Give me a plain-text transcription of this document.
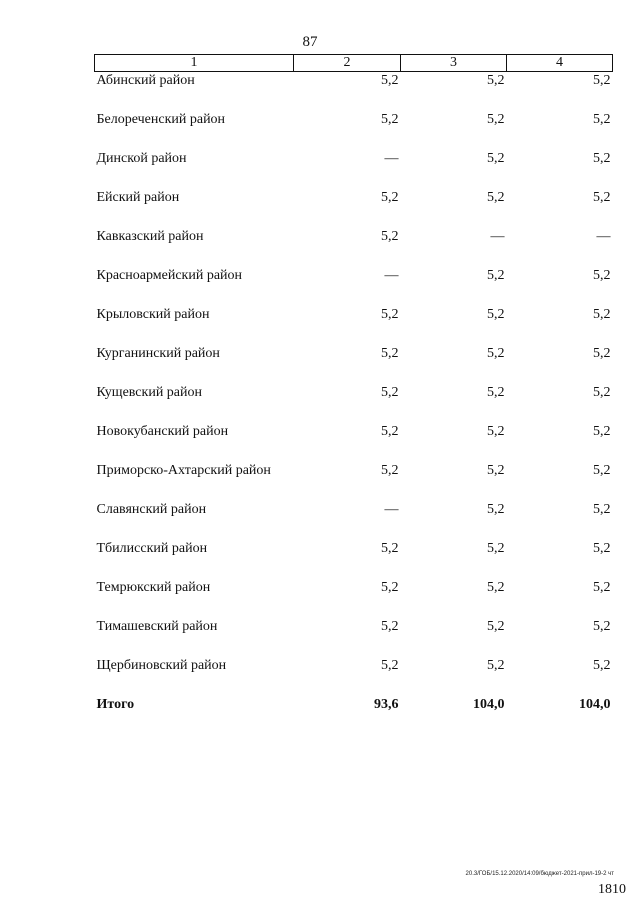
87
1	2	3	4
Абинский район	5,2	5,2	5,2
Белореченский район	5,2	5,2	5,2
Динской район	—	5,2	5,2
Ейский район	5,2	5,2	5,2
Кавказский район	5,2	—	—
Красноармейский район	—	5,2	5,2
Крыловский район	5,2	5,2	5,2
Курганинский район	5,2	5,2	5,2
Кущевский район	5,2	5,2	5,2
Новокубанский район	5,2	5,2	5,2
Приморско-Ахтарский район	5,2	5,2	5,2
Славянский район	—	5,2	5,2
Тбилисский район	5,2	5,2	5,2
Темрюкский район	5,2	5,2	5,2
Тимашевский район	5,2	5,2	5,2
Щербиновский район	5,2	5,2	5,2
Итого	93,6	104,0	104,0
20.3/ГОБ/15.12.2020/14:09/бюджет-2021-прил-19-2 чт
1810
